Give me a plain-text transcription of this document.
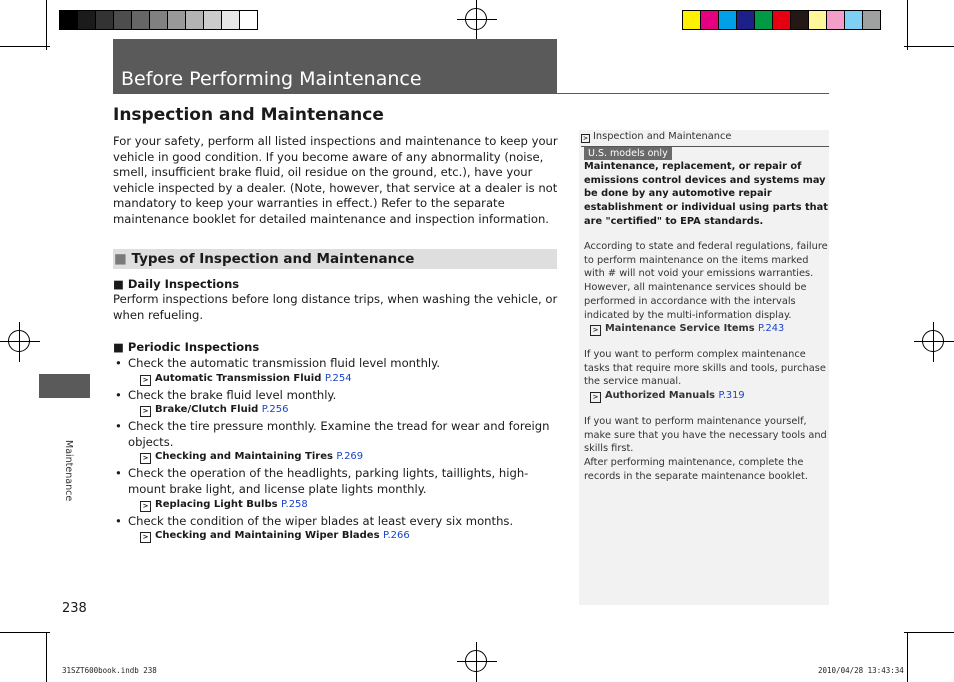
Before Performing Maintenance
Inspection and Maintenance
For your safety, perform all listed inspections and maintenance to keep your vehicle in good condition. If you become aware of any abnormality (noise, smell, insufficient brake fluid, oil residue on the ground, etc.), have your vehicle inspected by a dealer. (Note, however, that service at a dealer is not mandatory to keep your warranties in effect.) Refer to the separate maintenance booklet for detailed maintenance and inspection information.
■ Types of Inspection and Maintenance
■ Daily Inspections
Perform inspections before long distance trips, when washing the vehicle, or when refueling.
■ Periodic Inspections
• Check the automatic transmission fluid level monthly.
> Automatic Transmission Fluid P.254
• Check the brake fluid level monthly.
> Brake/Clutch Fluid P.256
• Check the tire pressure monthly. Examine the tread for wear and foreign objects.
> Checking and Maintaining Tires P.269
• Check the operation of the headlights, parking lights, taillights, high-mount brake light, and license plate lights monthly.
> Replacing Light Bulbs P.258
• Check the condition of the wiper blades at least every six months.
> Checking and Maintaining Wiper Blades P.266
Maintenance
238
> Inspection and Maintenance
U.S. models only
Maintenance, replacement, or repair of emissions control devices and systems may be done by any automotive repair establishment or individual using parts that are "certified" to EPA standards.
According to state and federal regulations, failure to perform maintenance on the items marked with # will not void your emissions warranties. However, all maintenance services should be performed in accordance with the intervals indicated by the multi-information display.
> Maintenance Service Items P.243
If you want to perform complex maintenance tasks that require more skills and tools, purchase the service manual.
> Authorized Manuals P.319
If you want to perform maintenance yourself, make sure that you have the necessary tools and skills first.
After performing maintenance, complete the records in the separate maintenance booklet.
31SZT600book.indb 238	2010/04/28 13:43:34
